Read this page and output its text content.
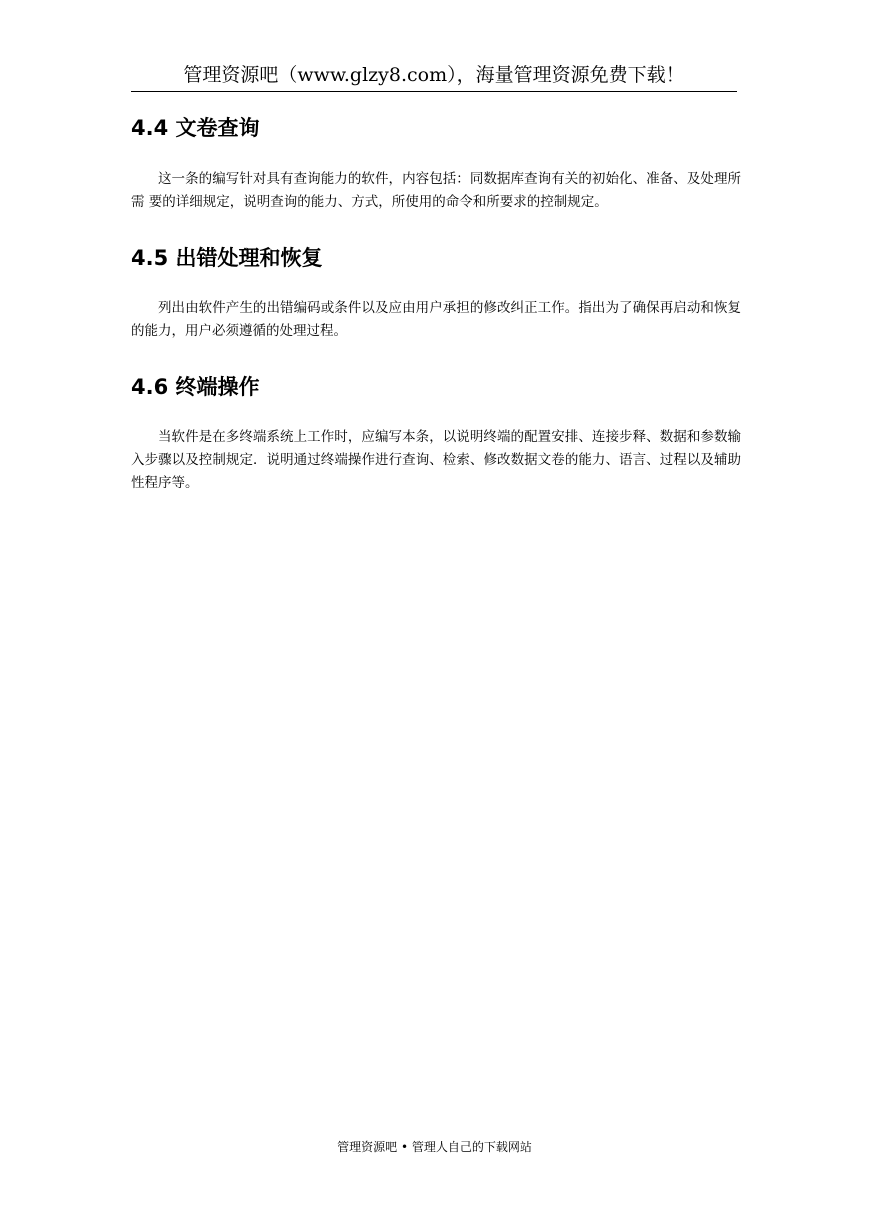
管理资源吧（www.glzy8.com），海量管理资源免费下载！
4.4 文卷查询

这一条的编写针对具有查询能力的软件，内容包括：同数据库查询有关的初始化、准备、及处理所需 要的详细规定，说明查询的能力、方式，所使用的命令和所要求的控制规定。

4.5 出错处理和恢复

列出由软件产生的出错编码或条件以及应由用户承担的修改纠正工作。指出为了确保再启动和恢复的能力，用户必须遵循的处理过程。

4.6 终端操作

当软件是在多终端系统上工作时，应编写本条，以说明终端的配置安排、连接步释、数据和参数输入步骤以及控制规定．说明通过终端操作进行查询、检索、修改数据文卷的能力、语言、过程以及辅助性程序等。

管理资源吧 • 管理人自己的下载网站
